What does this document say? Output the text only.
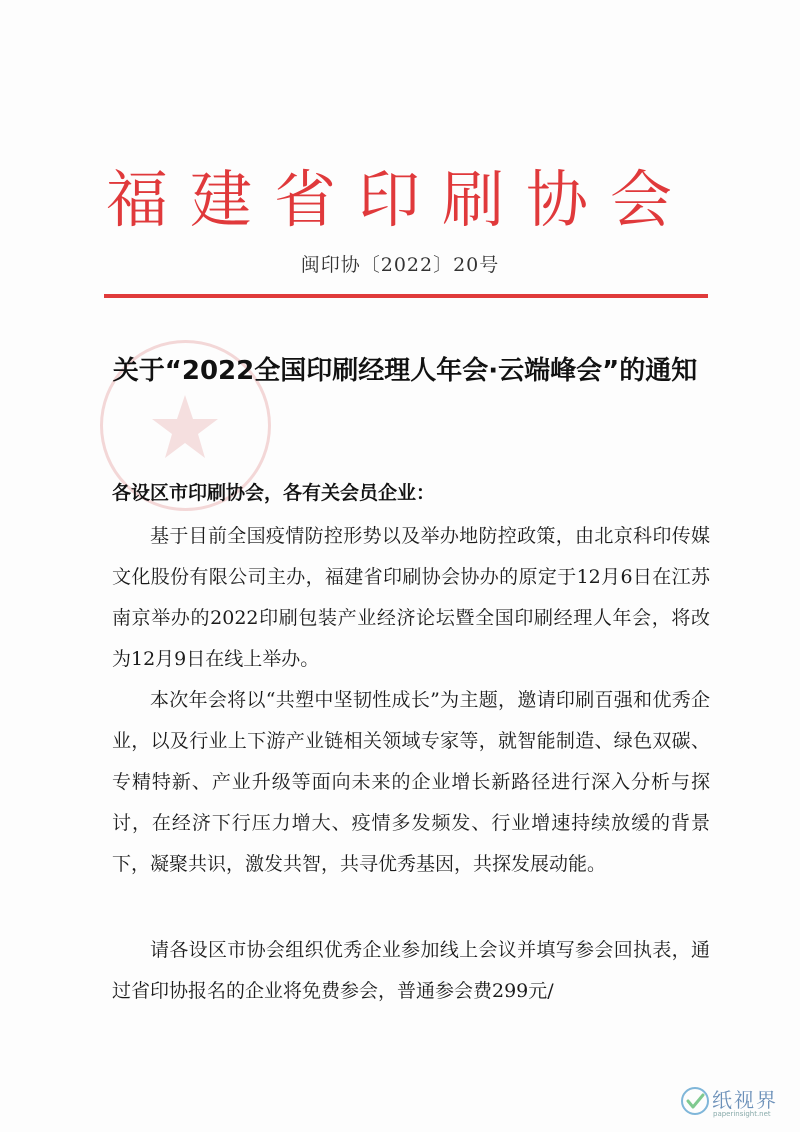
福建省印刷协会
闽印协〔2022〕20号
关于“2022全国印刷经理人年会·云端峰会”的通知
各设区市印刷协会，各有关会员企业：
基于目前全国疫情防控形势以及举办地防控政策，由北京科印传媒文化股份有限公司主办，福建省印刷协会协办的原定于12月6日在江苏南京举办的2022印刷包装产业经济论坛暨全国印刷经理人年会，将改为12月9日在线上举办。
本次年会将以“共塑中坚韧性成长”为主题，邀请印刷百强和优秀企业，以及行业上下游产业链相关领域专家等，就智能制造、绿色双碳、专精特新、产业升级等面向未来的企业增长新路径进行深入分析与探讨，在经济下行压力增大、疫情多发频发、行业增速持续放缓的背景下，凝聚共识，激发共智，共寻优秀基因，共探发展动能。
请各设区市协会组织优秀企业参加线上会议并填写参会回执表，通过省印协报名的企业将免费参会，普通参会费299元/
纸视界
paperinsight.net
